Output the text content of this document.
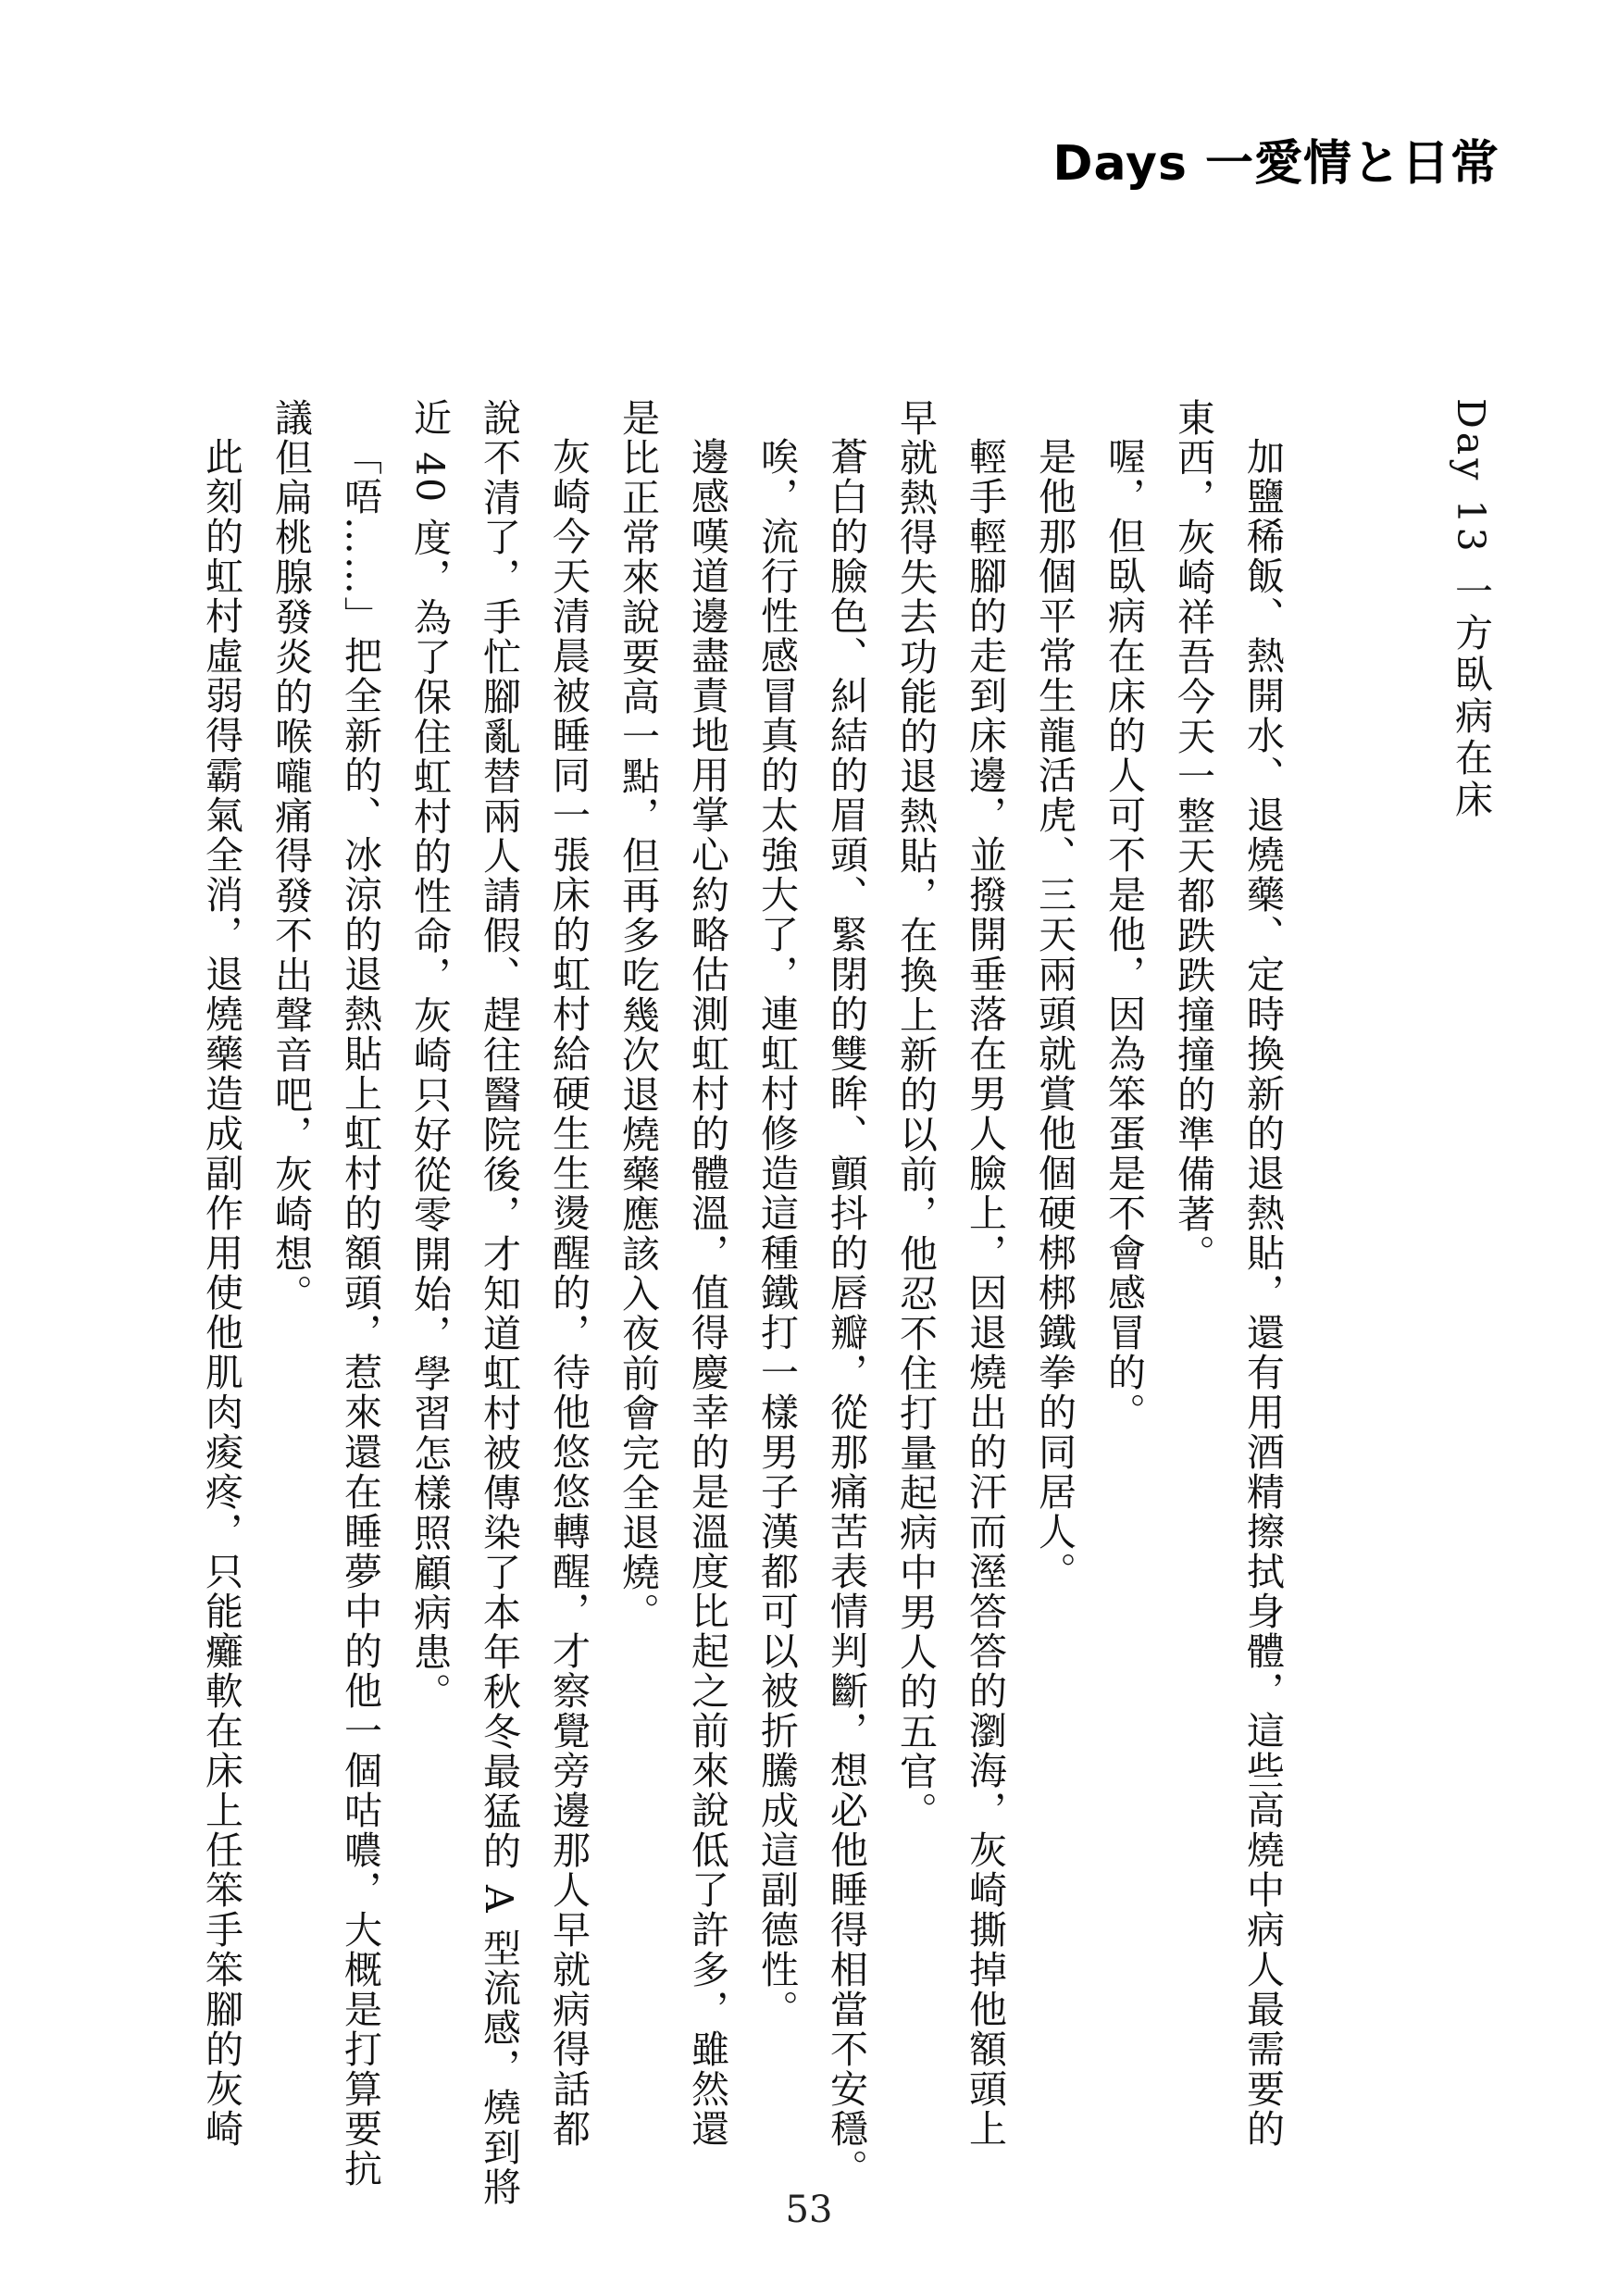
Days 一愛情と日常
Day 13 一方臥病在床
加鹽稀飯、熱開水、退燒藥、定時換新的退熱貼，還有用酒精擦拭身體，這些高燒中病人最需要的
東西，灰崎祥吾今天一整天都跌跌撞撞的準備著。
喔，但臥病在床的人可不是他，因為笨蛋是不會感冒的。
是他那個平常生龍活虎、三天兩頭就賞他個硬梆梆鐵拳的同居人。
輕手輕腳的走到床邊，並撥開垂落在男人臉上，因退燒出的汗而溼答答的瀏海，灰崎撕掉他額頭上
早就熱得失去功能的退熱貼，在換上新的以前，他忍不住打量起病中男人的五官。
蒼白的臉色、糾結的眉頭、緊閉的雙眸、顫抖的唇瓣，從那痛苦表情判斷，想必他睡得相當不安穩。
唉，流行性感冒真的太強大了，連虹村修造這種鐵打一樣男子漢都可以被折騰成這副德性。
邊感嘆道邊盡責地用掌心約略估測虹村的體溫，值得慶幸的是溫度比起之前來說低了許多，雖然還
是比正常來說要高一點，但再多吃幾次退燒藥應該入夜前會完全退燒。
灰崎今天清晨被睡同一張床的虹村給硬生生燙醒的，待他悠悠轉醒，才察覺旁邊那人早就病得話都
說不清了，手忙腳亂替兩人請假、趕往醫院後，才知道虹村被傳染了本年秋冬最猛的 A 型流感，燒到將
近 40 度，為了保住虹村的性命，灰崎只好從零開始，學習怎樣照顧病患。
「唔……」把全新的、冰涼的退熱貼上虹村的額頭，惹來還在睡夢中的他一個咕噥，大概是打算要抗
議但扁桃腺發炎的喉嚨痛得發不出聲音吧，灰崎想。
此刻的虹村虛弱得霸氣全消，退燒藥造成副作用使他肌肉痠疼，只能癱軟在床上任笨手笨腳的灰崎
53
